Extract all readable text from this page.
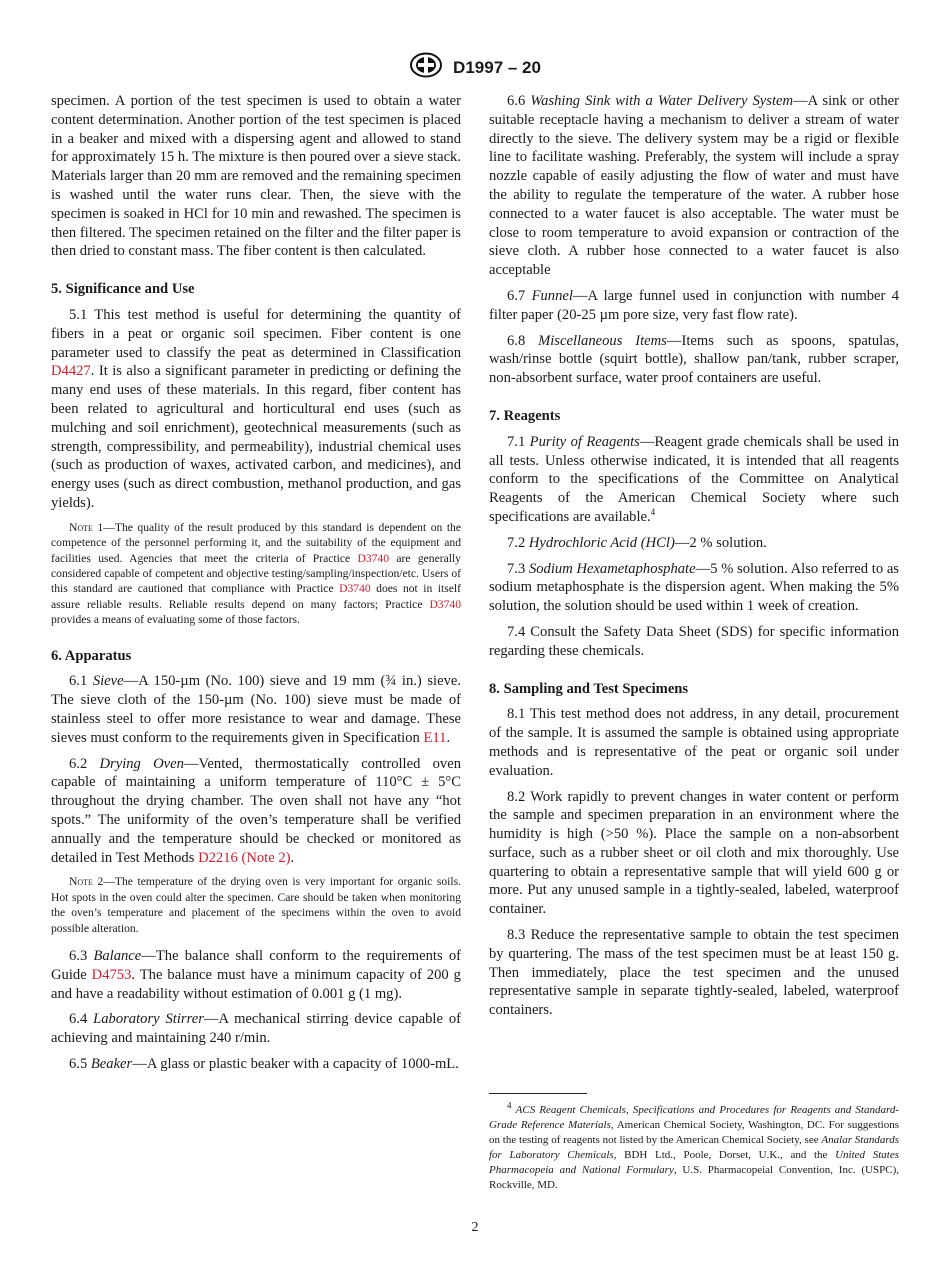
D1997 – 20

specimen. A portion of the test specimen is used to obtain a water content determination. Another portion of the test specimen is placed in a beaker and mixed with a dispersing agent and allowed to stand for approximately 15 h. The mixture is then poured over a sieve stack. Materials larger than 20 mm are removed and the remaining specimen is washed until the water runs clear. Then, the sieve with the specimen is soaked in HCl for 10 min and rewashed. The specimen is then filtered. The specimen retained on the filter and the filter paper is then dried to constant mass. The fiber content is then calculated.

5. Significance and Use

5.1 This test method is useful for determining the quantity of fibers in a peat or organic soil specimen. Fiber content is one parameter used to classify the peat as determined in Classification D4427. It is also a significant parameter in predicting or defining the many end uses of these materials. In this regard, fiber content has been related to agricultural and horticultural end uses (such as mulching and soil enrichment), geotechnical measurements (such as strength, compressibility, and permeability), industrial chemical uses (such as production of waxes, activated carbon, and medicines), and energy uses (such as direct combustion, methanol production, and gas yields).

Note 1—The quality of the result produced by this standard is dependent on the competence of the personnel performing it, and the suitability of the equipment and facilities used. Agencies that meet the criteria of Practice D3740 are generally considered capable of competent and objective testing/sampling/inspection/etc. Users of this standard are cautioned that compliance with Practice D3740 does not in itself assure reliable results. Reliable results depend on many factors; Practice D3740 provides a means of evaluating some of those factors.

6. Apparatus

6.1 Sieve—A 150-µm (No. 100) sieve and 19 mm (¾ in.) sieve. The sieve cloth of the 150-µm (No. 100) sieve must be made of stainless steel to offer more resistance to wear and damage. These sieves must conform to the requirements given in Specification E11.

6.2 Drying Oven—Vented, thermostatically controlled oven capable of maintaining a uniform temperature of 110°C ± 5°C throughout the drying chamber. The oven shall not have any “hot spots.” The uniformity of the oven’s temperature shall be verified annually and the temperature should be checked or monitored as detailed in Test Methods D2216 (Note 2).

Note 2—The temperature of the drying oven is very important for organic soils. Hot spots in the oven could alter the specimen. Care should be taken when monitoring the oven’s temperature and placement of the specimens within the oven to avoid possible alteration.

6.3 Balance—The balance shall conform to the requirements of Guide D4753. The balance must have a minimum capacity of 200 g and have a readability without estimation of 0.001 g (1 mg).

6.4 Laboratory Stirrer—A mechanical stirring device capable of achieving and maintaining 240 r/min.

6.5 Beaker—A glass or plastic beaker with a capacity of 1000-mL.

6.6 Washing Sink with a Water Delivery System—A sink or other suitable receptacle having a mechanism to deliver a stream of water directly to the sieve. The delivery system may be a rigid or flexible line to facilitate washing. Preferably, the system will include a spray nozzle capable of easily adjusting the flow of water and must have the ability to regulate the temperature of the water. A rubber hose connected to a water faucet is also acceptable. The water must be close to room temperature to avoid expansion or contraction of the sieve cloth. A rubber hose connected to a water faucet is also acceptable

6.7 Funnel—A large funnel used in conjunction with number 4 filter paper (20-25 µm pore size, very fast flow rate).

6.8 Miscellaneous Items—Items such as spoons, spatulas, wash/rinse bottle (squirt bottle), shallow pan/tank, rubber scraper, non-absorbent surface, water proof containers are useful.

7. Reagents

7.1 Purity of Reagents—Reagent grade chemicals shall be used in all tests. Unless otherwise indicated, it is intended that all reagents conform to the specifications of the Committee on Analytical Reagents of the American Chemical Society where such specifications are available.$^4$

7.2 Hydrochloric Acid (HCl)—2 % solution.

7.3 Sodium Hexametaphosphate—5 % solution. Also referred to as sodium metaphosphate is the dispersion agent. When making the 5% solution, the solution should be used within 1 week of creation.

7.4 Consult the Safety Data Sheet (SDS) for specific information regarding these chemicals.

8. Sampling and Test Specimens

8.1 This test method does not address, in any detail, procurement of the sample. It is assumed the sample is obtained using appropriate methods and is representative of the peat or organic soil under evaluation.

8.2 Work rapidly to prevent changes in water content or perform the sample and specimen preparation in an environment where the humidity is high (>50 %). Place the sample on a non-absorbent surface, such as a rubber sheet or oil cloth and mix thoroughly. Use quartering to obtain a representative sample that will yield 600 g or more. Put any unused sample in a tightly-sealed, labeled, waterproof container.

8.3 Reduce the representative sample to obtain the test specimen by quartering. The mass of the test specimen must be at least 150 g. Then immediately, place the test specimen and the unused representative sample in separate tightly-sealed, labeled, waterproof containers.

$^4$ ACS Reagent Chemicals, Specifications and Procedures for Reagents and Standard-Grade Reference Materials, American Chemical Society, Washington, DC. For suggestions on the testing of reagents not listed by the American Chemical Society, see Analar Standards for Laboratory Chemicals, BDH Ltd., Poole, Dorset, U.K., and the United States Pharmacopeia and National Formulary, U.S. Pharmacopeial Convention, Inc. (USPC), Rockville, MD.

2
